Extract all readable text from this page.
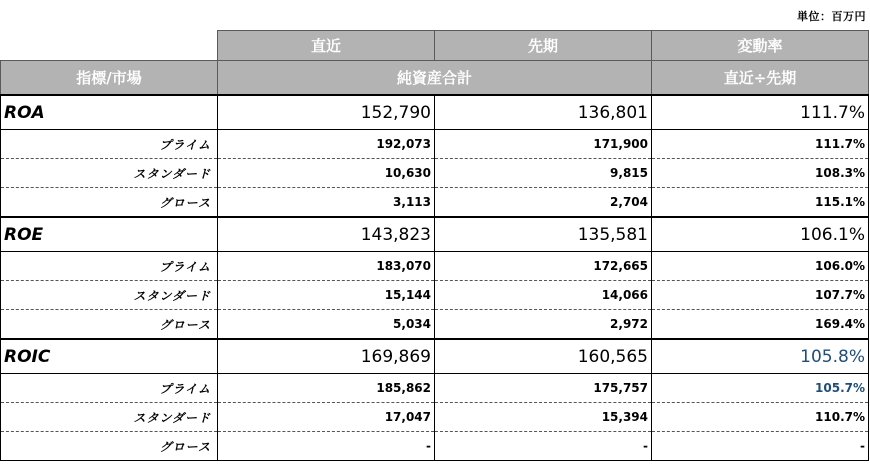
単位：百万円
	直近	先期	変動率
指標/市場	純資産合計		直近÷先期
ROA	152,790	136,801	111.7%
プライム	192,073	171,900	111.7%
スタンダード	10,630	9,815	108.3%
グロース	3,113	2,704	115.1%
ROE	143,823	135,581	106.1%
プライム	183,070	172,665	106.0%
スタンダード	15,144	14,066	107.7%
グロース	5,034	2,972	169.4%
ROIC	169,869	160,565	105.8%
プライム	185,862	175,757	105.7%
スタンダード	17,047	15,394	110.7%
グロース	-	-	-
